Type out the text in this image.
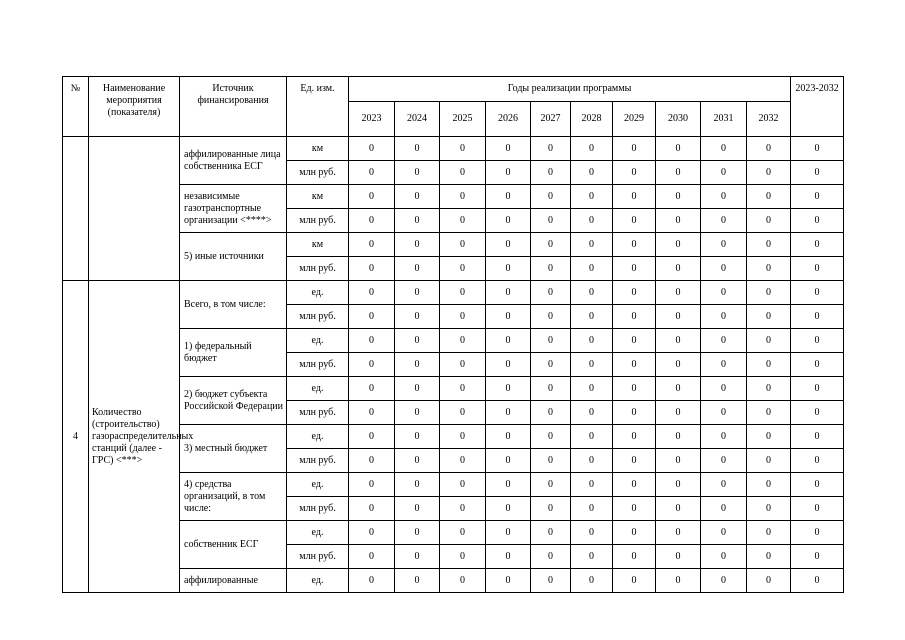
№	Наименование мероприятия (показателя)	Источник финансирования	Ед. изм.	Годы реализации программы										2023-2032
				2023	2024	2025	2026	2027	2028	2029	2030	2031	2032	
		аффилированные лица собственника ЕСГ	км	0	0	0	0	0	0	0	0	0	0	0
			млн руб.	0	0	0	0	0	0	0	0	0	0	0
		независимые газотранспортные организации <****>	км	0	0	0	0	0	0	0	0	0	0	0
			млн руб.	0	0	0	0	0	0	0	0	0	0	0
		5) иные источники	км	0	0	0	0	0	0	0	0	0	0	0
			млн руб.	0	0	0	0	0	0	0	0	0	0	0
4	Количество (строительство) газораспределительных станций (далее - ГРС) <***>	Всего, в том числе:	ед.	0	0	0	0	0	0	0	0	0	0	0
			млн руб.	0	0	0	0	0	0	0	0	0	0	0
		1) федеральный бюджет	ед.	0	0	0	0	0	0	0	0	0	0	0
			млн руб.	0	0	0	0	0	0	0	0	0	0	0
		2) бюджет субъекта Российской Федерации	ед.	0	0	0	0	0	0	0	0	0	0	0
			млн руб.	0	0	0	0	0	0	0	0	0	0	0
		3) местный бюджет	ед.	0	0	0	0	0	0	0	0	0	0	0
			млн руб.	0	0	0	0	0	0	0	0	0	0	0
		4) средства организаций, в том числе:	ед.	0	0	0	0	0	0	0	0	0	0	0
			млн руб.	0	0	0	0	0	0	0	0	0	0	0
		собственник ЕСГ	ед.	0	0	0	0	0	0	0	0	0	0	0
			млн руб.	0	0	0	0	0	0	0	0	0	0	0
		аффилированные	ед.	0	0	0	0	0	0	0	0	0	0	0
